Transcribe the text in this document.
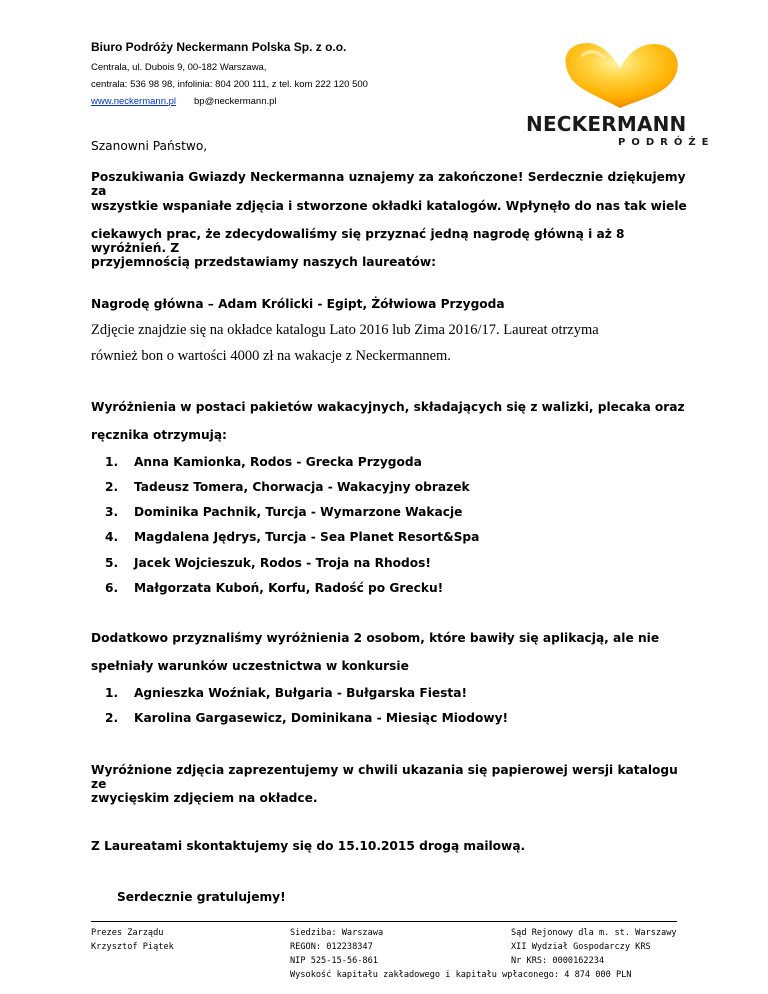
Biuro Podróży Neckermann Polska Sp. z o.o.
Centrala, ul. Dubois 9, 00-182 Warszawa,
centrala: 536 98 98, infolinia: 804 200 111, z tel. kom 222 120 500
www.neckermann.pl bp@neckermann.pl
NECKERMANN
PODRÓŻE
Szanowni Państwo,
Poszukiwania Gwiazdy Neckermanna uznajemy za zakończone! Serdecznie dziękujemy za
wszystkie wspaniałe zdjęcia i stworzone okładki katalogów. Wpłynęło do nas tak wiele
ciekawych prac, że zdecydowaliśmy się przyznać jedną nagrodę główną i aż 8 wyróżnień. Z
przyjemnością przedstawiamy naszych laureatów:
Nagrodę główna – Adam Królicki - Egipt, Żółwiowa Przygoda
Zdjęcie znajdzie się na okładce katalogu Lato 2016 lub Zima 2016/17. Laureat otrzyma
również bon o wartości 4000 zł na wakacje z Neckermannem.
Wyróżnienia w postaci pakietów wakacyjnych, składających się z walizki, plecaka oraz
ręcznika otrzymują:
1. Anna Kamionka, Rodos - Grecka Przygoda
2. Tadeusz Tomera, Chorwacja - Wakacyjny obrazek
3. Dominika Pachnik, Turcja - Wymarzone Wakacje
4. Magdalena Jędrys, Turcja - Sea Planet Resort&Spa
5. Jacek Wojcieszuk, Rodos - Troja na Rhodos!
6. Małgorzata Kuboń, Korfu, Radość po Grecku!
Dodatkowo przyznaliśmy wyróżnienia 2 osobom, które bawiły się aplikacją, ale nie
spełniały warunków uczestnictwa w konkursie
1. Agnieszka Woźniak, Bułgaria - Bułgarska Fiesta!
2. Karolina Gargasewicz, Dominikana - Miesiąc Miodowy!
Wyróżnione zdjęcia zaprezentujemy w chwili ukazania się papierowej wersji katalogu ze
zwycięskim zdjęciem na okładce.
Z Laureatami skontaktujemy się do 15.10.2015 drogą mailową.
Serdecznie gratulujemy!
Prezes Zarządu
Krzysztof Piątek
Siedziba: Warszawa
REGON: 012238347
NIP 525-15-56-861
Wysokość kapitału zakładowego i kapitału wpłaconego: 4 874 000 PLN
Sąd Rejonowy dla m. st. Warszawy
XII Wydział Gospodarczy KRS
Nr KRS: 0000162234
